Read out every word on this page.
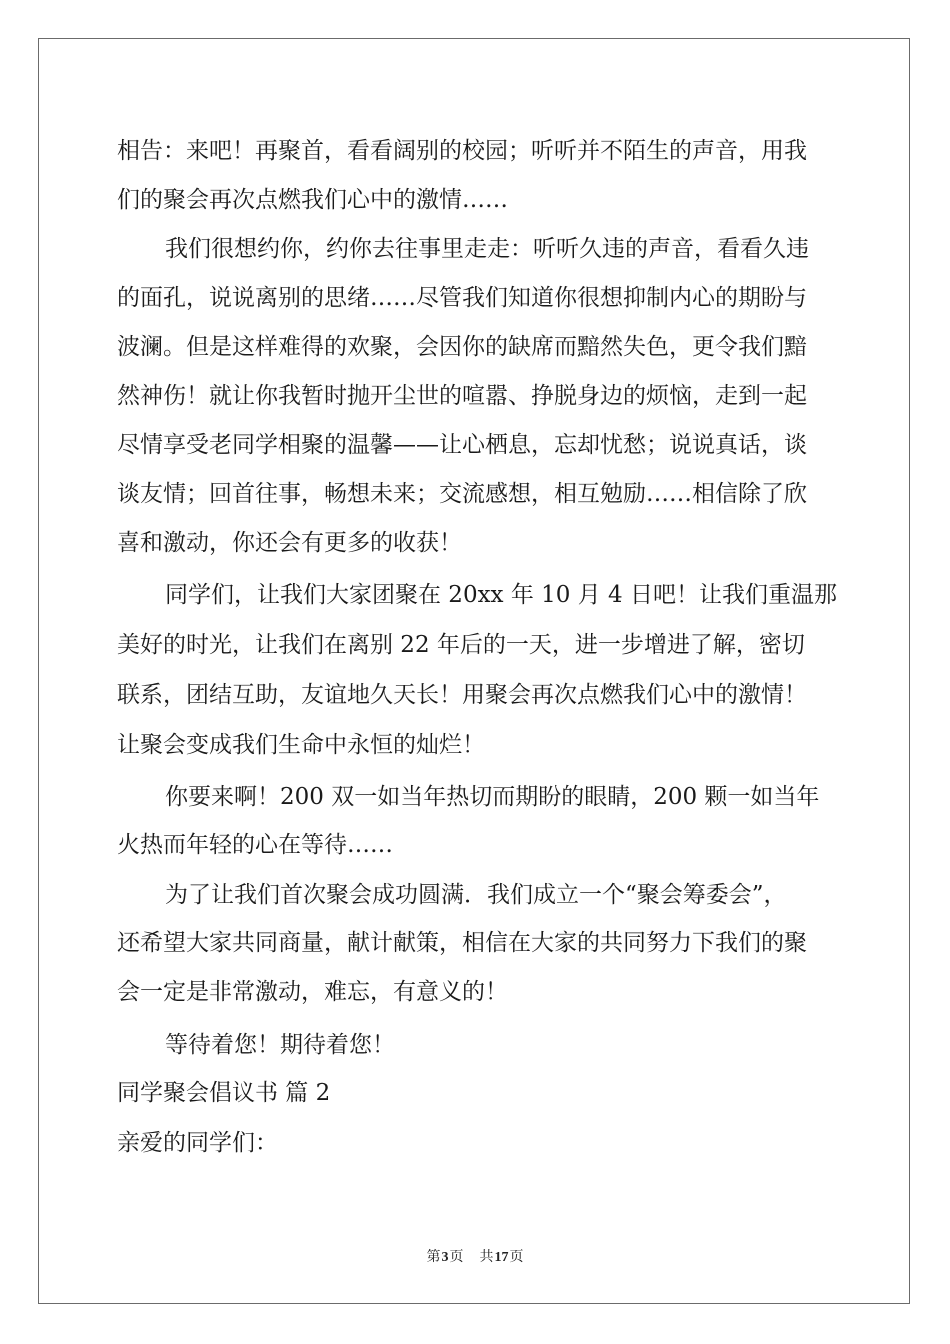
相告：来吧！再聚首，看看阔别的校园；听听并不陌生的声音，用我
们的聚会再次点燃我们心中的激情……
我们很想约你，约你去往事里走走：听听久违的声音，看看久违
的面孔，说说离别的思绪……尽管我们知道你很想抑制内心的期盼与
波澜。但是这样难得的欢聚，会因你的缺席而黯然失色，更令我们黯
然神伤！就让你我暂时抛开尘世的喧嚣、挣脱身边的烦恼，走到一起
尽情享受老同学相聚的温馨——让心栖息，忘却忧愁；说说真话，谈
谈友情；回首往事，畅想未来；交流感想，相互勉励……相信除了欣
喜和激动，你还会有更多的收获！
同学们，让我们大家团聚在 20xx 年 10 月 4 日吧！让我们重温那
美好的时光，让我们在离别 22 年后的一天，进一步增进了解，密切
联系，团结互助，友谊地久天长！用聚会再次点燃我们心中的激情！
让聚会变成我们生命中永恒的灿烂！
你要来啊！200 双一如当年热切而期盼的眼睛，200 颗一如当年
火热而年轻的心在等待……
为了让我们首次聚会成功圆满．我们成立一个“聚会筹委会”，
还希望大家共同商量，献计献策，相信在大家的共同努力下我们的聚
会一定是非常激动，难忘，有意义的！
等待着您！期待着您！
同学聚会倡议书 篇 2
亲爱的同学们：
第3页 共17页
